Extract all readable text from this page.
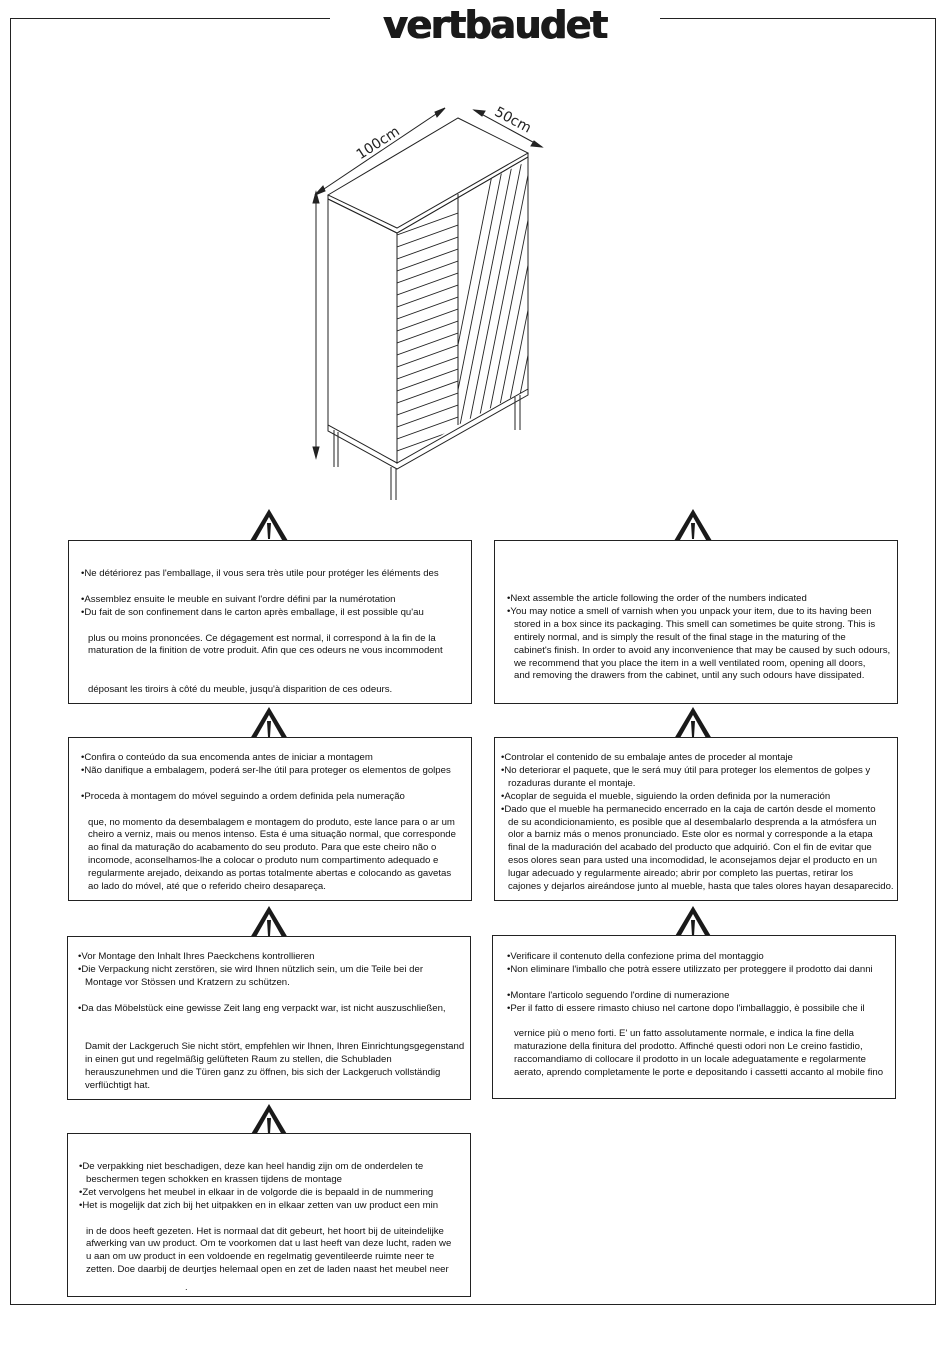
vertbaudet
100cm
50cm

•Ne détériorez pas l'emballage, il vous sera très utile pour protéger les éléments des

•Assemblez ensuite le meuble en suivant l'ordre défini par la numérotation

•Du fait de son confinement dans le carton après emballage, il est possible qu'au

plus ou moins prononcées. Ce dégagement est normal, il correspond à la fin de la

maturation de la finition de votre produit. Afin que ces odeurs ne vous incommodent

déposant les tiroirs à côté du meuble, jusqu'à disparition de ces odeurs.

•Next assemble the article following the order of the numbers indicated

•You may notice a smell of varnish when you unpack your item, due to its having been

stored in a box since its packaging. This smell can sometimes be quite strong. This is

entirely normal, and is simply the result of the final stage in the maturing of the

cabinet's finish. In order to avoid any inconvenience that may be caused by such odours,

we recommend that you place the item in a well ventilated room, opening all doors,

and removing the drawers from the cabinet, until any such odours have dissipated.

•Confira o conteúdo da sua encomenda antes de iniciar a montagem

•Não danifique a embalagem, poderá ser-lhe útil para proteger os elementos de golpes

•Proceda à montagem do móvel seguindo a ordem definida pela numeração

que, no momento da desembalagem e montagem do produto, este lance para o ar um

cheiro a verniz, mais ou menos intenso. Esta é uma situação normal, que corresponde

ao final da maturação do acabamento do seu produto. Para que este cheiro não o

incomode, aconselhamos-lhe a colocar o produto num compartimento adequado e

regularmente arejado, deixando as portas totalmente abertas e colocando as gavetas

ao lado do móvel, até que o referido cheiro desapareça.

•Controlar el contenido de su embalaje antes de proceder al montaje

•No deteriorar el paquete, que le será muy útil para proteger los elementos de golpes y

rozaduras durante el montaje.

•Acoplar de seguida el mueble, siguiendo la orden definida por la numeración

•Dado que el mueble ha permanecido encerrado en la caja de cartón desde el momento

de su acondicionamiento, es posible que al desembalarlo desprenda a la atmósfera un

olor a barniz más o menos pronunciado. Este olor es normal y corresponde a la etapa

final de la maduración del acabado del producto que adquirió. Con el fin de evitar que

esos olores sean para usted una incomodidad, le aconsejamos dejar el producto en un

lugar adecuado y regularmente aireado; abrir por completo las puertas, retirar los

cajones y dejarlos aireándose junto al mueble, hasta que tales olores hayan desaparecido.

•Vor Montage den Inhalt Ihres Paeckchens kontrollieren

•Die Verpackung nicht zerstören, sie wird Ihnen nützlich sein, um die Teile bei der

Montage vor Stössen und Kratzern zu schützen.

•Da das Möbelstück eine gewisse Zeit lang eng verpackt war, ist nicht auszuschließen,

Damit der Lackgeruch Sie nicht stört, empfehlen wir Ihnen, Ihren Einrichtungsgegenstand

in einen gut und regelmäßig gelüfteten Raum zu stellen, die Schubladen

herauszunehmen und die Türen ganz zu öffnen, bis sich der Lackgeruch vollständig

verflüchtigt hat.

•Verificare il contenuto della confezione prima del montaggio

•Non eliminare l'imballo che potrà essere utilizzato per proteggere il prodotto dai danni

•Montare l'articolo seguendo l'ordine di numerazione

•Per il fatto di essere rimasto chiuso nel cartone dopo l'imballaggio, è possibile che il

vernice più o meno forti. E' un fatto assolutamente normale, e indica la fine della

maturazione della finitura del prodotto. Affinché questi odori non Le creino fastidio,

raccomandiamo di collocare il prodotto in un locale adeguatamente e regolarmente

aerato, aprendo completamente le porte e depositando i cassetti accanto al mobile fino

•De verpakking niet beschadigen, deze kan heel handig zijn om de onderdelen te

beschermen tegen schokken en krassen tijdens de montage

•Zet vervolgens het meubel in elkaar in de volgorde die is bepaald in de nummering

•Het is mogelijk dat zich bij het uitpakken en in elkaar zetten van uw product een min

in de doos heeft gezeten. Het is normaal dat dit gebeurt, het hoort bij de uiteindelijke

afwerking van uw product. Om te voorkomen dat u last heeft van deze lucht, raden we

u aan om uw product in een voldoende en regelmatig geventileerde ruimte neer te

zetten. Doe daarbij de deurtjes helemaal open en zet de laden naast het meubel neer

.
